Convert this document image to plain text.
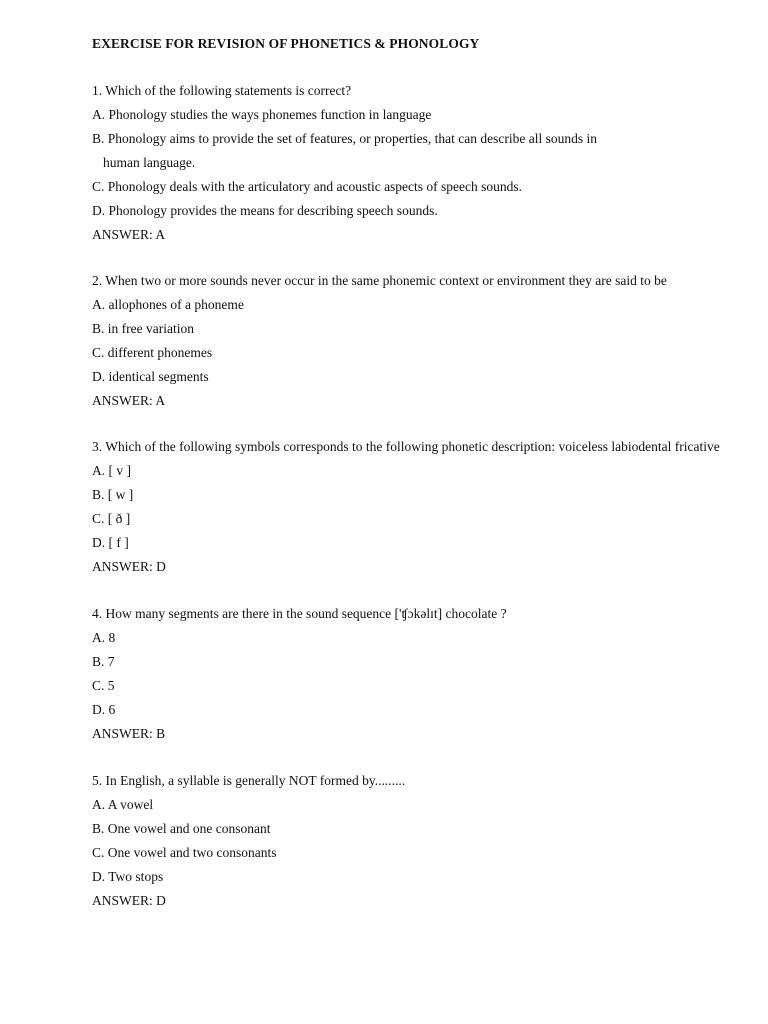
EXERCISE FOR REVISION OF PHONETICS & PHONOLOGY

1. Which of the following statements is correct?

A. Phonology studies the ways phonemes function in language

B. Phonology aims to provide the set of features, or properties, that can describe all sounds in
human language.

C. Phonology deals with the articulatory and acoustic aspects of speech sounds.

D. Phonology provides the means for describing speech sounds.

ANSWER: A

2. When two or more sounds never occur in the same phonemic context or environment they are said to be

A. allophones of a phoneme

B. in free variation

C. different phonemes

D. identical segments

ANSWER: A

3. Which of the following symbols corresponds to the following phonetic description: voiceless labiodental fricative

A. [ v ]

B. [ w ]

C. [ ð ]

D. [ f ]

ANSWER: D

4. How many segments are there in the sound sequence ['ʧɔkəlɪt] chocolate ?

A. 8

B. 7

C. 5

D. 6

ANSWER: B

5. In English, a syllable is generally NOT formed by.........

A. A vowel

B. One vowel and one consonant

C. One vowel and two consonants

D. Two stops

ANSWER: D
